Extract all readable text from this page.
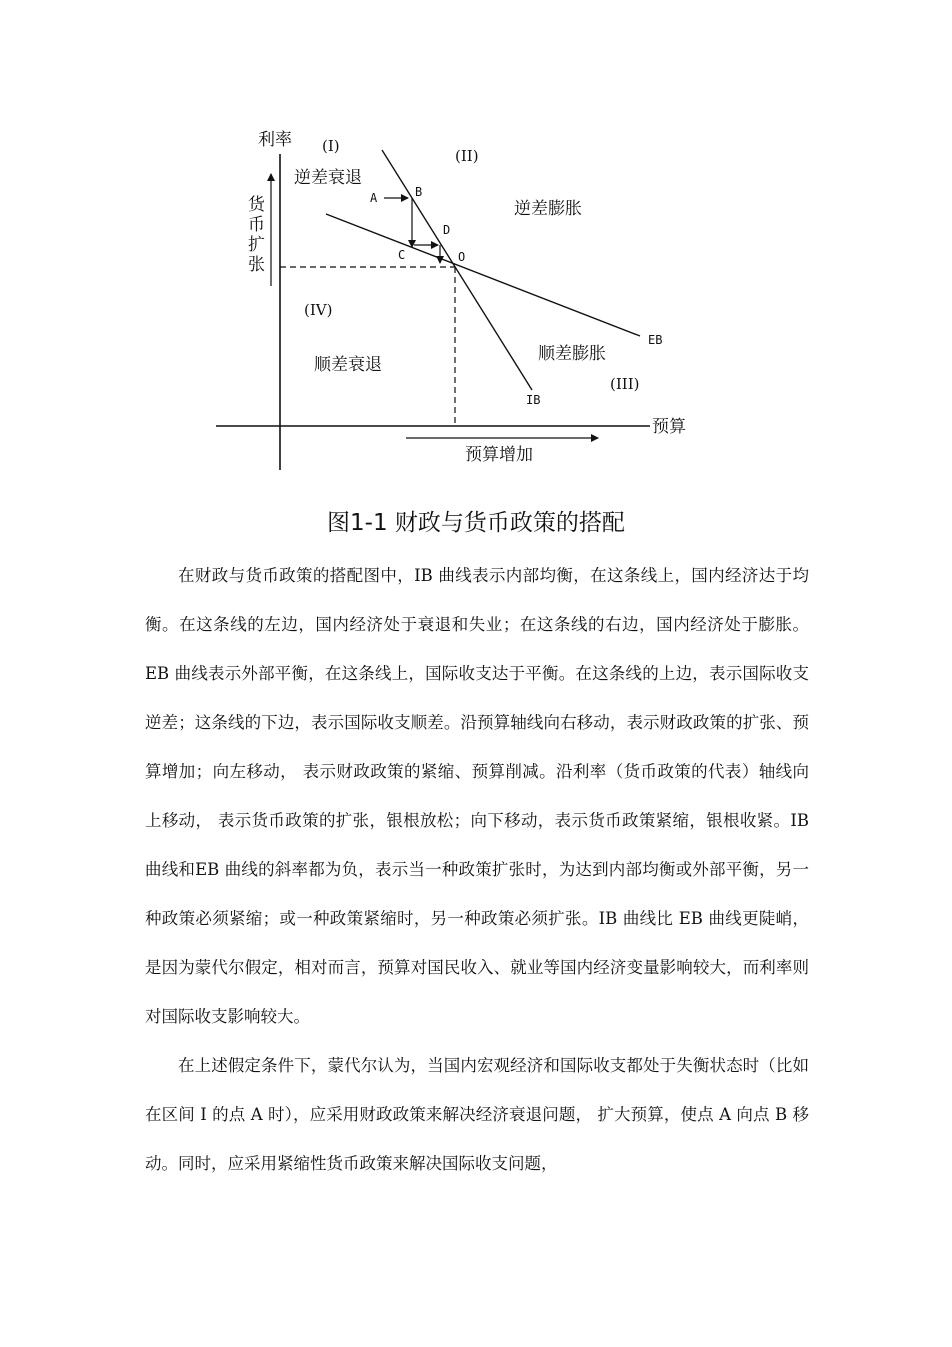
利率
预算
货
币
扩
张
预算增加
IB
EB
A	B
C
D
O
(I)
(II)
(III)
(IV)
逆差衰退
逆差膨胀
顺差衰退
顺差膨胀
图1-1 财政与货币政策的搭配

在财政与货币政策的搭配图中，IB 曲线表示内部均衡，在这条线上，国内经济达于均衡。在这条线的左边，国内经济处于衰退和失业；在这条线的右边，国内经济处于膨胀。EB 曲线表示外部平衡，在这条线上，国际收支达于平衡。在这条线的上边，表示国际收支逆差；这条线的下边，表示国际收支顺差。沿预算轴线向右移动，表示财政政策的扩张、预算增加；向左移动， 表示财政政策的紧缩、预算削减。沿利率（货币政策的代表）轴线向上移动， 表示货币政策的扩张，银根放松；向下移动，表示货币政策紧缩，银根收紧。IB 曲线和EB 曲线的斜率都为负，表示当一种政策扩张时，为达到内部均衡或外部平衡，另一种政策必须紧缩；或一种政策紧缩时，另一种政策必须扩张。IB 曲线比 EB 曲线更陡峭，是因为蒙代尔假定，相对而言，预算对国民收入、就业等国内经济变量影响较大，而利率则对国际收支影响较大。

在上述假定条件下，蒙代尔认为，当国内宏观经济和国际收支都处于失衡状态时（比如在区间 I 的点 A 时），应采用财政政策来解决经济衰退问题， 扩大预算，使点 A 向点 B 移动。同时，应采用紧缩性货币政策来解决国际收支问题，
